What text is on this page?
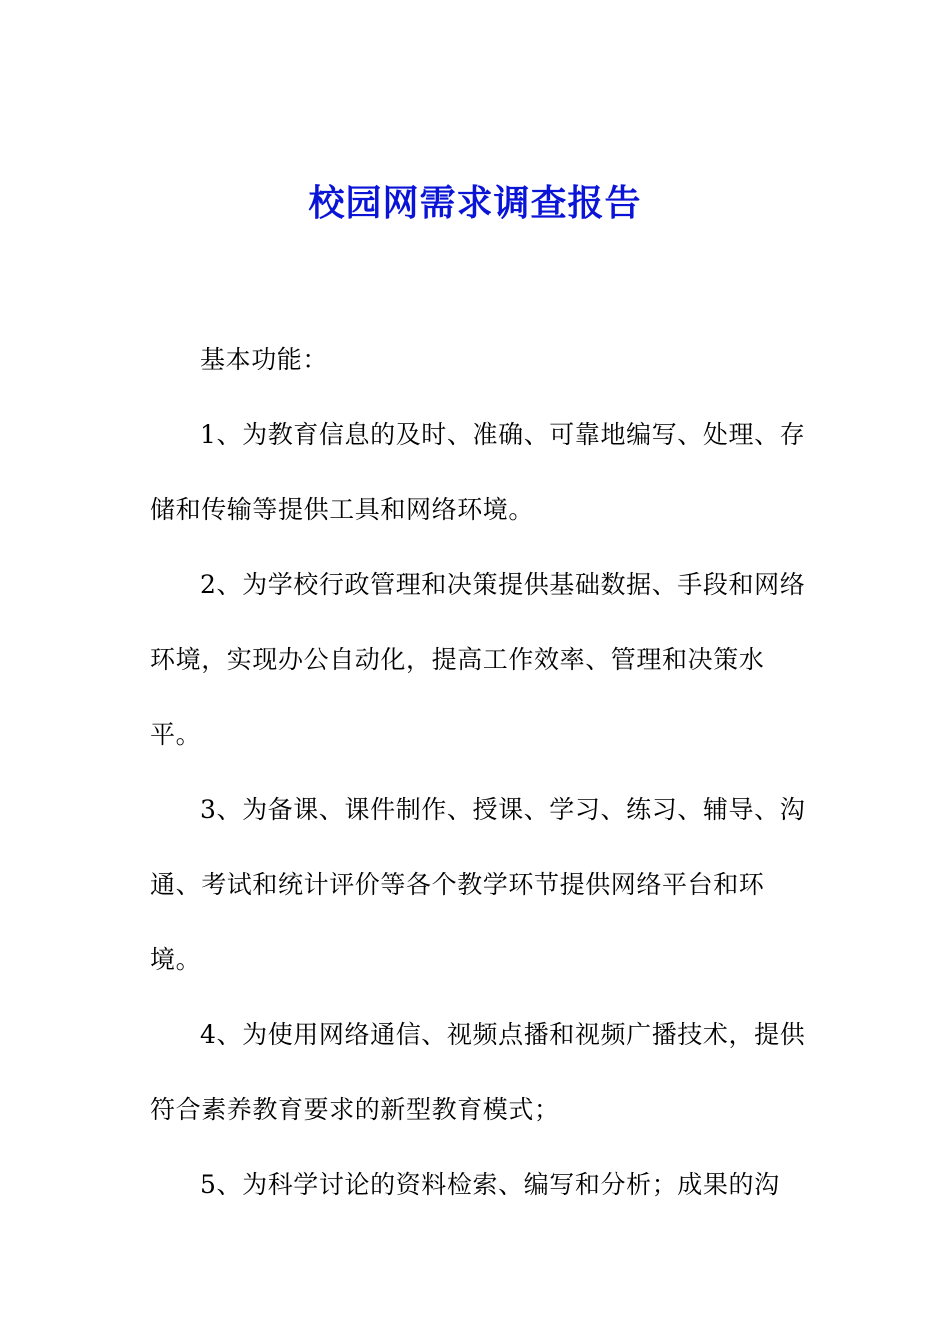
校园网需求调查报告

基本功能：

1、为教育信息的及时、准确、可靠地编写、处理、存储和传输等提供工具和网络环境。

2、为学校行政管理和决策提供基础数据、手段和网络环境，实现办公自动化，提高工作效率、管理和决策水平。

3、为备课、课件制作、授课、学习、练习、辅导、沟通、考试和统计评价等各个教学环节提供网络平台和环境。

4、为使用网络通信、视频点播和视频广播技术，提供符合素养教育要求的新型教育模式；

5、为科学讨论的资料检索、编写和分析；成果的沟
